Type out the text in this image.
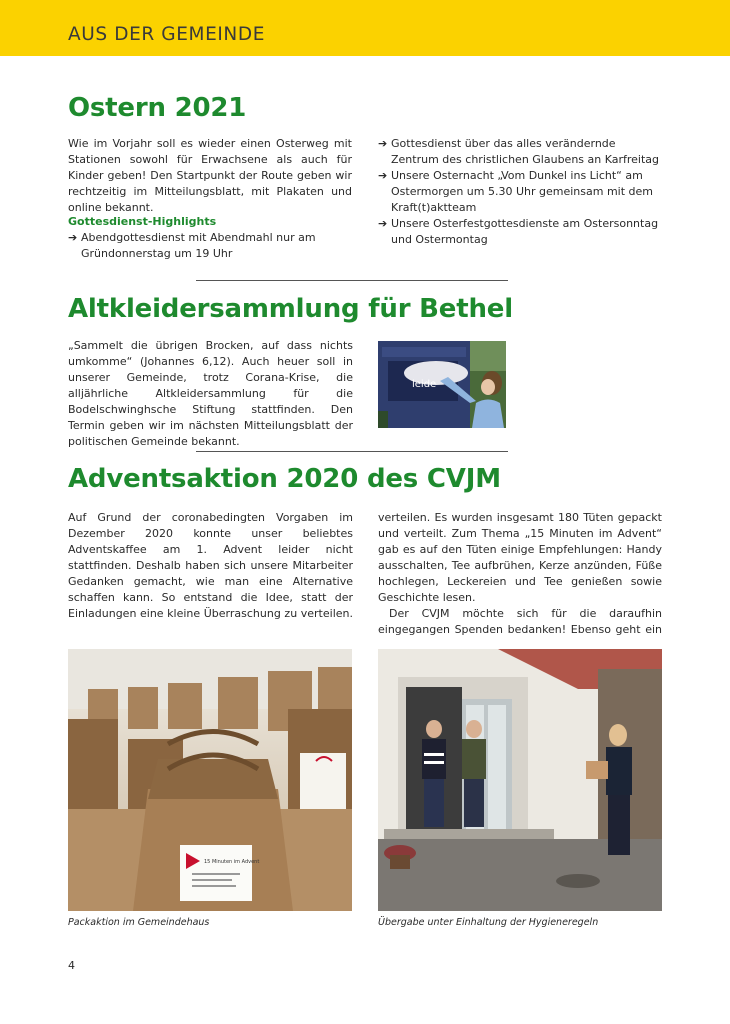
AUS DER GEMEINDE
Ostern 2021
Wie im Vorjahr soll es wieder einen Osterweg mit Stationen sowohl für Erwachsene als auch für Kinder geben! Den Startpunkt der Route geben wir rechtzeitig im Mitteilungsblatt, mit Plakaten und online bekannt.

Gottesdienst-Highlights

➔ Abendgottesdienst mit Abendmahl nur am Gründonnerstag um 19 Uhr
➔ Gottesdienst über das alles verändernde Zentrum des christlichen Glaubens an Karfreitag
➔ Unsere Osternacht „Vom Dunkel ins Licht“ am Ostermorgen um 5.30 Uhr gemeinsam mit dem Kraft(t)aktteam
➔ Unsere Osterfestgottesdienste am Ostersonntag und Ostermontag
Altkleidersammlung für Bethel
„Sammelt die übrigen Brocken, auf dass nichts umkomme“ (Johannes 6,12). Auch heuer soll in unserer Gemeinde, trotz Corana-Krise, die alljährliche Altkleidersammlung für die Bodelschwinghsche Stiftung stattfinden. Den Termin geben wir im nächsten Mitteilungsblatt der politischen Gemeinde bekannt.
leide
Adventsaktion 2020 des CVJM

Auf Grund der coronabedingten Vorgaben im Dezember 2020 konnte unser beliebtes Adventskaffee am 1. Advent leider nicht stattfinden. Deshalb haben sich unsere Mitarbeiter Gedanken gemacht, wie man eine Alternative schaffen kann. So entstand die Idee, statt der Einladungen eine kleine Überraschung zu verteilen.

verteilen. Es wurden insgesamt 180 Tüten gepackt und verteilt. Zum Thema „15 Minuten im Advent“ gab es auf den Tüten einige Empfehlungen: Handy ausschalten, Tee aufbrühen, Kerze anzünden, Füße hochlegen, Leckereien und Tee genießen sowie Geschichte lesen.

Der CVJM möchte sich für die daraufhin eingegangen Spenden bedanken! Ebenso geht ein

15 Minuten im Advent
Packaktion im Gemeindehaus	Übergabe unter Einhaltung der Hygieneregeln
4
